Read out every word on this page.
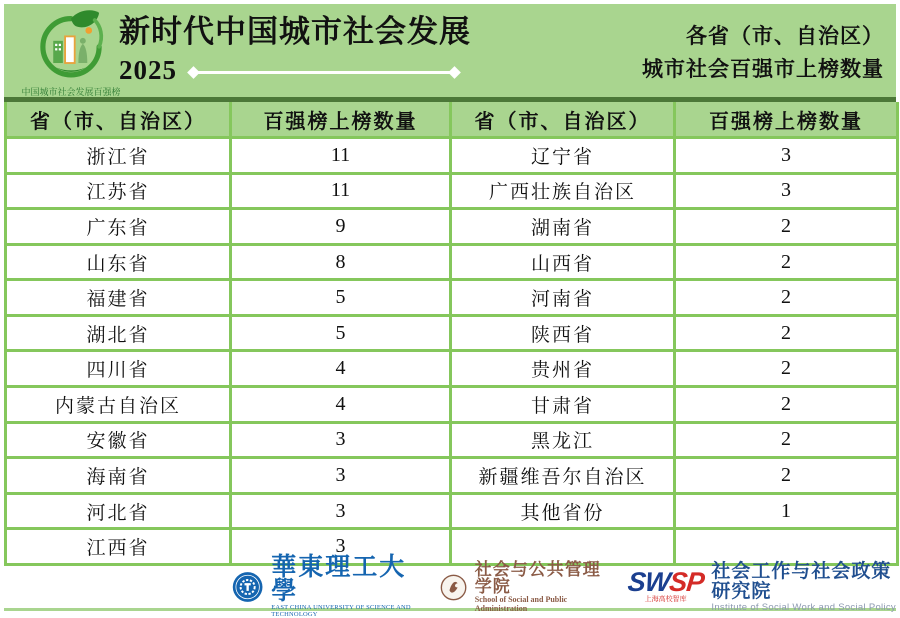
中国城市社会发展百强榜
新时代中国城市社会发展
2025
各省（市、自治区）
城市社会百强市上榜数量
省（市、自治区）	百强榜上榜数量	省（市、自治区）	百强榜上榜数量
浙江省	11	辽宁省	3
江苏省	11	广西壮族自治区	3
广东省	9	湖南省	2
山东省	8	山西省	2
福建省	5	河南省	2
湖北省	5	陕西省	2
四川省	4	贵州省	2
内蒙古自治区	4	甘肃省	2
安徽省	3	黑龙江	2
海南省	3	新疆维吾尔自治区	2
河北省	3	其他省份	1
江西省	3		
華東理工大學
EAST CHINA UNIVERSITY OF SCIENCE AND TECHNOLOGY
社会与公共管理学院
School of Social and Public Administration
SWSP
上海高校智库
社会工作与社会政策研究院
Institute of Social Work and Social Policy
